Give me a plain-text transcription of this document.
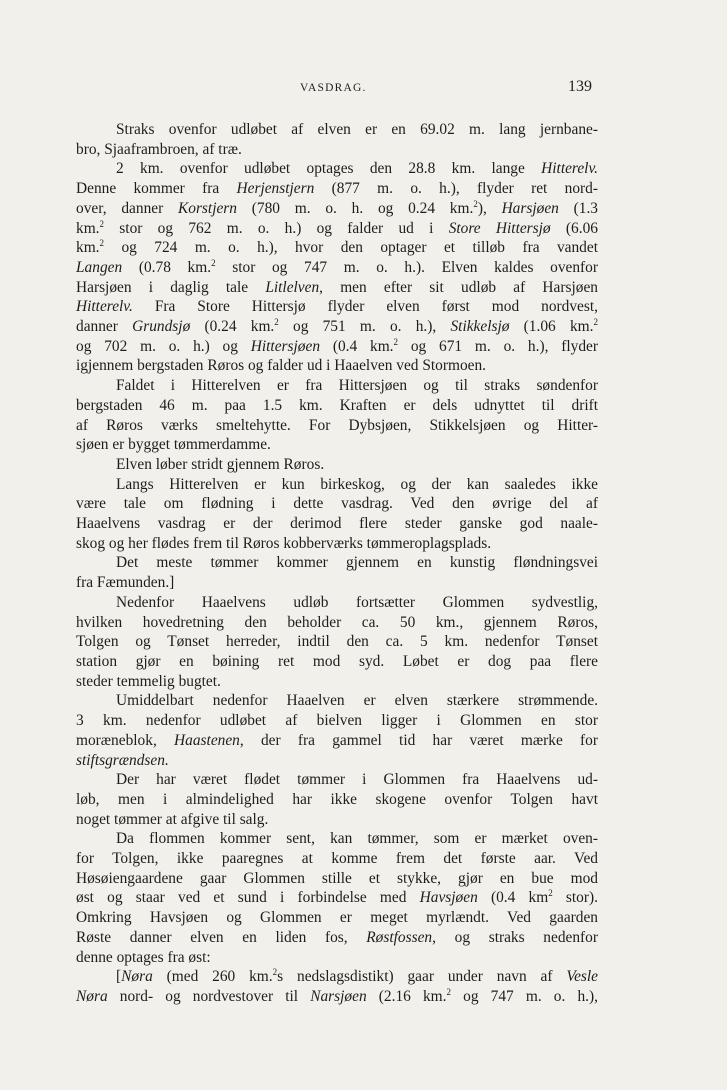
VASDRAG.	139
Straks ovenfor udløbet af elven er en 69.02 m. lang jernbane-
bro, Sjaaframbroen, af træ.
2 km. ovenfor udløbet optages den 28.8 km. lange Hitterelv.
Denne kommer fra Herjenstjern (877 m. o. h.), flyder ret nord-
over, danner Korstjern (780 m. o. h. og 0.24 km.$^2$), Harsjøen (1.3
km.$^2$ stor og 762 m. o. h.) og falder ud i Store Hittersjø (6.06
km.$^2$ og 724 m. o. h.), hvor den optager et tilløb fra vandet
Langen (0.78 km.$^2$ stor og 747 m. o. h.). Elven kaldes ovenfor
Harsjøen i daglig tale Litlelven, men efter sit udløb af Harsjøen
Hitterelv. Fra Store Hittersjø flyder elven først mod nordvest,
danner Grundsjø (0.24 km.$^2$ og 751 m. o. h.), Stikkelsjø (1.06 km.$^2$
og 702 m. o. h.) og Hittersjøen (0.4 km.$^2$ og 671 m. o. h.), flyder
igjennem bergstaden Røros og falder ud i Haaelven ved Stormoen.
Faldet i Hitterelven er fra Hittersjøen og til straks søndenfor
bergstaden 46 m. paa 1.5 km. Kraften er dels udnyttet til drift
af Røros værks smeltehytte. For Dybsjøen, Stikkelsjøen og Hitter-
sjøen er bygget tømmerdamme.
Elven løber stridt gjennem Røros.
Langs Hitterelven er kun birkeskog, og der kan saaledes ikke
være tale om flødning i dette vasdrag. Ved den øvrige del af
Haaelvens vasdrag er der derimod flere steder ganske god naale-
skog og her flødes frem til Røros kobberværks tømmeroplagsplads.
Det meste tømmer kommer gjennem en kunstig fløndningsvei
fra Fæmunden.]
Nedenfor Haaelvens udløb fortsætter Glommen sydvestlig,
hvilken hovedretning den beholder ca. 50 km., gjennem Røros,
Tolgen og Tønset herreder, indtil den ca. 5 km. nedenfor Tønset
station gjør en bøining ret mod syd. Løbet er dog paa flere
steder temmelig bugtet.
Umiddelbart nedenfor Haaelven er elven stærkere strømmende.
3 km. nedenfor udløbet af bielven ligger i Glommen en stor
moræneblok, Haastenen, der fra gammel tid har været mærke for
stiftsgrændsen.
Der har været flødet tømmer i Glommen fra Haaelvens ud-
løb, men i almindelighed har ikke skogene ovenfor Tolgen havt
noget tømmer at afgive til salg.
Da flommen kommer sent, kan tømmer, som er mærket oven-
for Tolgen, ikke paaregnes at komme frem det første aar. Ved
Høsøiengaardene gaar Glommen stille et stykke, gjør en bue mod
øst og staar ved et sund i forbindelse med Havsjøen (0.4 $km^2$ stor).
Omkring Havsjøen og Glommen er meget myrlændt. Ved gaarden
Røste danner elven en liden fos, Røstfossen, og straks nedenfor
denne optages fra øst:
[Nøra (med 260 km.$^2$s nedslagsdistikt) gaar under navn af Vesle
Nøra nord- og nordvestover til Narsjøen (2.16 km.$^2$ og 747 m. o. h.),
